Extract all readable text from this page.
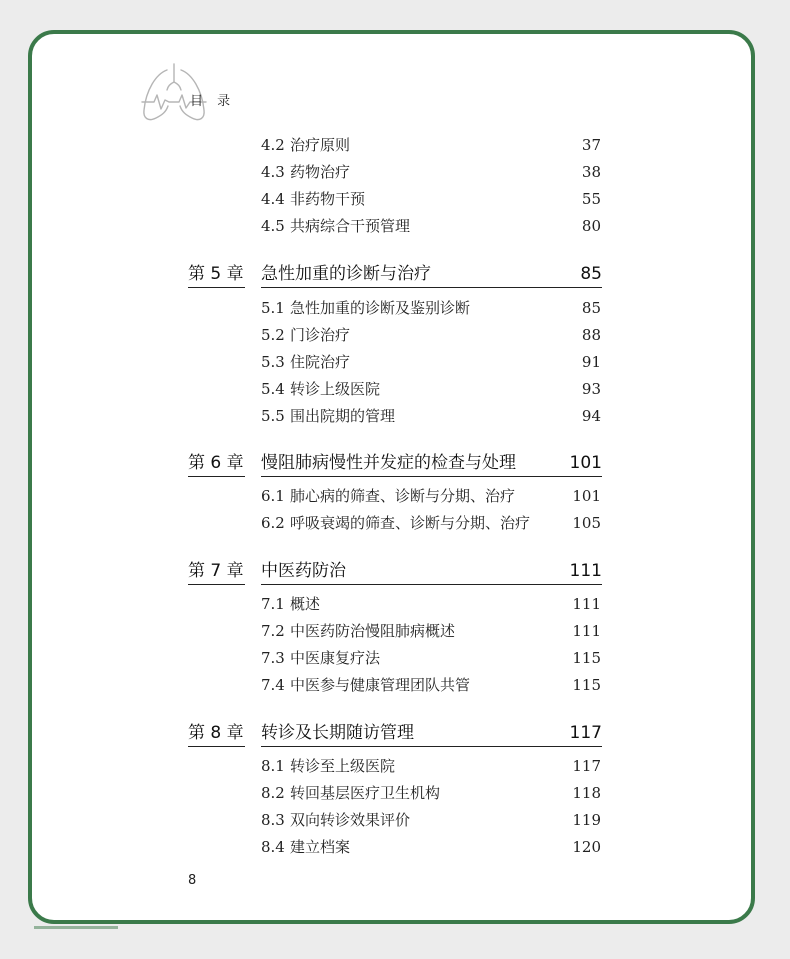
目 录
4.2 治疗原则	37
4.3 药物治疗	38
4.4 非药物干预	55
4.5 共病综合干预管理	80
第 5 章 急性加重的诊断与治疗	85
5.1 急性加重的诊断及鉴别诊断	85
5.2 门诊治疗	88
5.3 住院治疗	91
5.4 转诊上级医院	93
5.5 围出院期的管理	94
第 6 章 慢阻肺病慢性并发症的检查与处理	101
6.1 肺心病的筛查、诊断与分期、治疗	101
6.2 呼吸衰竭的筛查、诊断与分期、治疗	105
第 7 章 中医药防治	111
7.1 概述	111
7.2 中医药防治慢阻肺病概述	111
7.3 中医康复疗法	115
7.4 中医参与健康管理团队共管	115
第 8 章 转诊及长期随访管理	117
8.1 转诊至上级医院	117
8.2 转回基层医疗卫生机构	118
8.3 双向转诊效果评价	119
8.4 建立档案	120
8
